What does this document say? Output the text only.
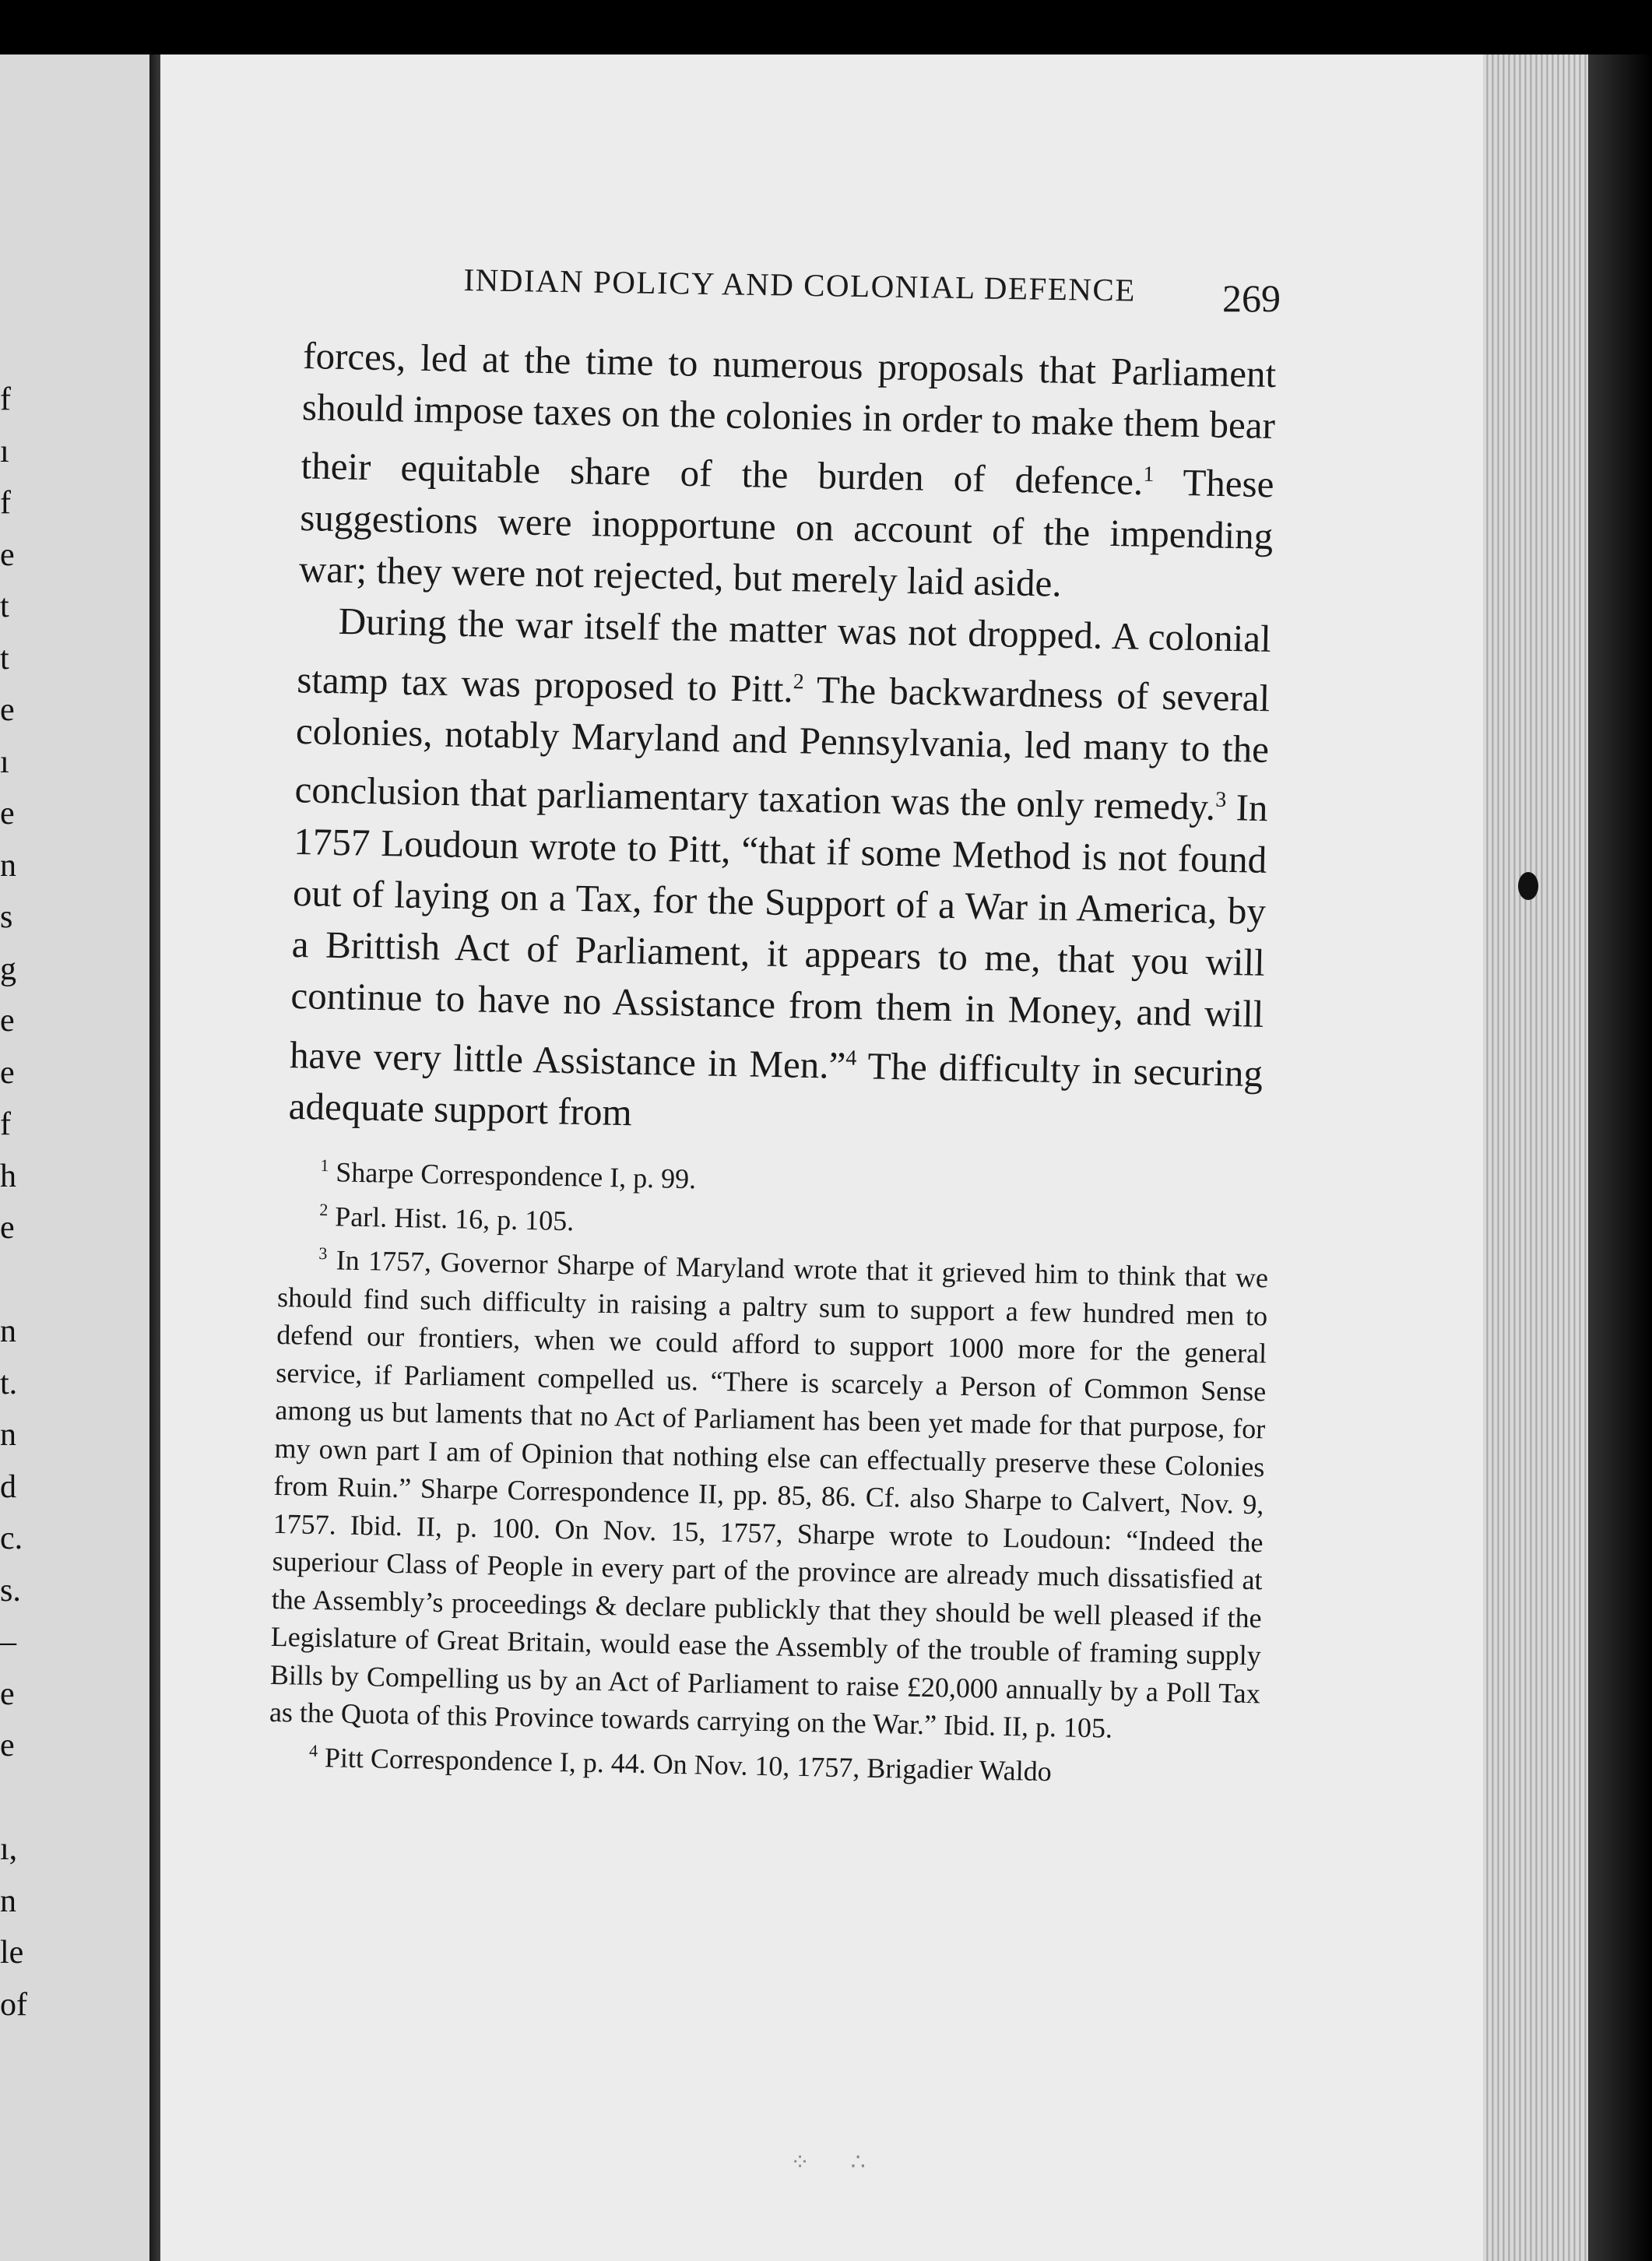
f
ı
f
e
t
t
e
ı
e
n
s
g
e
e
f
h
e
n
t.
n
d
c.
s.
–
e
e
ı,
n
le
of
INDIAN POLICY AND COLONIAL DEFENCE	269

forces, led at the time to numerous proposals that Parliament should impose taxes on the colonies in order to make them bear their equitable share of the burden of defence.$^1$ These suggestions were inopportune on account of the impending war; they were not rejected, but merely laid aside.

During the war itself the matter was not dropped. A colonial stamp tax was proposed to Pitt.$^2$ The backwardness of several colonies, notably Maryland and Pennsylvania, led many to the conclusion that parliamentary taxation was the only remedy.$^3$ In 1757 Loudoun wrote to Pitt, “that if some Method is not found out of laying on a Tax, for the Support of a War in America, by a Brittish Act of Parliament, it appears to me, that you will continue to have no Assistance from them in Money, and will have very little Assistance in Men.”$^4$ The difficulty in securing adequate support from

$^1$ Sharpe Correspondence I, p. 99.

$^2$ Parl. Hist. 16, p. 105.

$^3$ In 1757, Governor Sharpe of Maryland wrote that it grieved him to think that we should find such difficulty in raising a paltry sum to support a few hundred men to defend our frontiers, when we could afford to support 1000 more for the general service, if Parliament compelled us. “There is scarcely a Person of Common Sense among us but laments that no Act of Parliament has been yet made for that purpose, for my own part I am of Opinion that nothing else can effectually preserve these Colonies from Ruin.” Sharpe Correspondence II, pp. 85, 86. Cf. also Sharpe to Calvert, Nov. 9, 1757. Ibid. II, p. 100. On Nov. 15, 1757, Sharpe wrote to Loudoun: “Indeed the superiour Class of People in every part of the province are already much dissatisfied at the Assembly’s proceedings & declare publickly that they should be well pleased if the Legislature of Great Britain, would ease the Assembly of the trouble of framing supply Bills by Compelling us by an Act of Parliament to raise £20,000 annually by a Poll Tax as the Quota of this Province towards carrying on the War.” Ibid. II, p. 105.

$^4$ Pitt Correspondence I, p. 44. On Nov. 10, 1757, Brigadier Waldo

⁘       ∴
